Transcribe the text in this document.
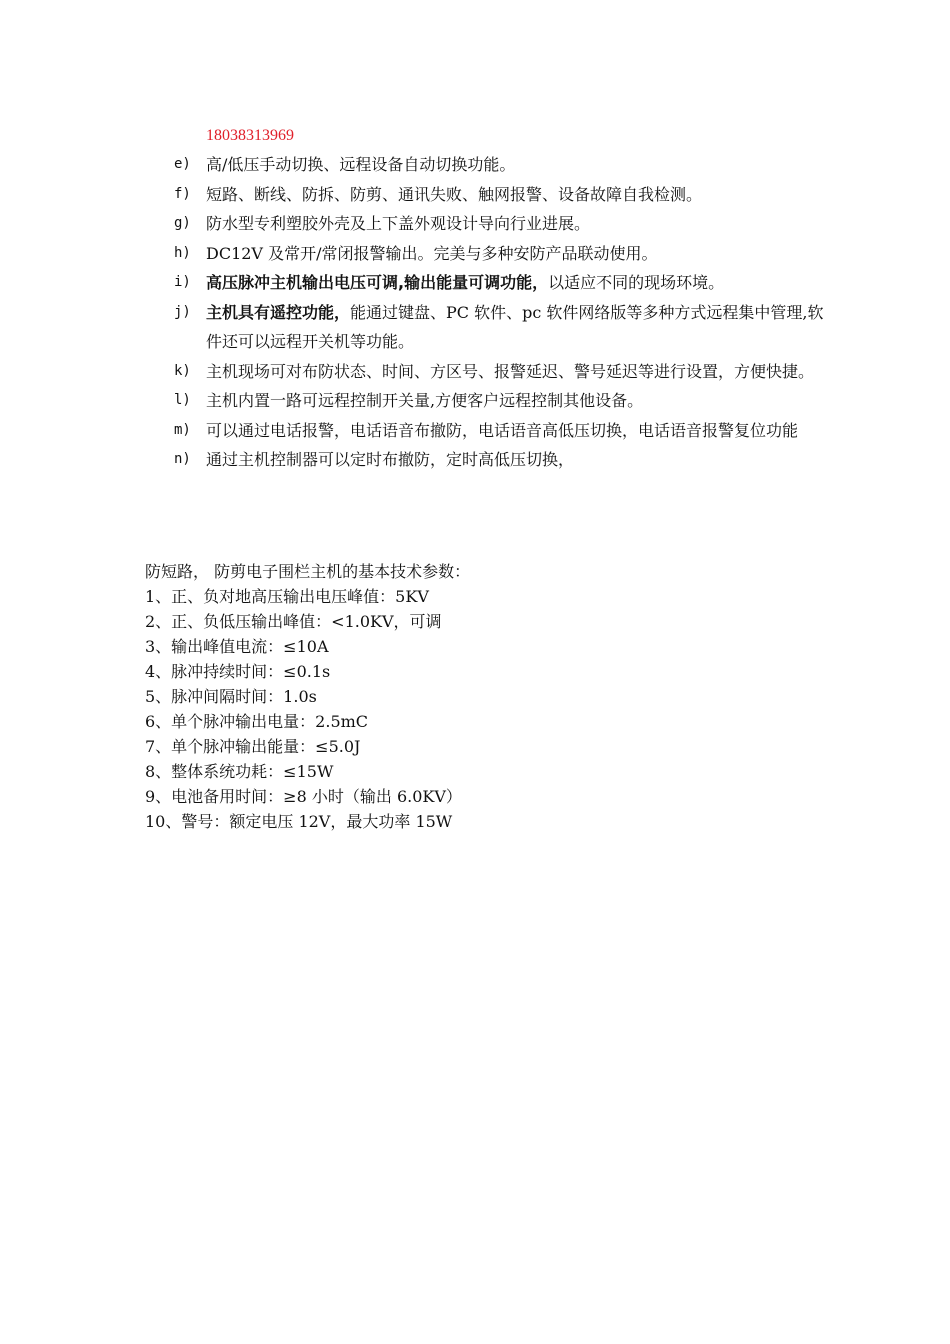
18038313969
e) 高/低压手动切换、远程设备自动切换功能。
f) 短路、断线、防拆、防剪、通讯失败、触网报警、设备故障自我检测。
g) 防水型专利塑胶外壳及上下盖外观设计导向行业进展。
h) DC12V 及常开/常闭报警输出。完美与多种安防产品联动使用。
i) 高压脉冲主机输出电压可调,输出能量可调功能，以适应不同的现场环境。
j) 主机具有遥控功能，能通过键盘、PC 软件、pc 软件网络版等多种方式远程集中管理,软件还可以远程开关机等功能。
k) 主机现场可对布防状态、时间、方区号、报警延迟、警号延迟等进行设置，方便快捷。
l) 主机内置一路可远程控制开关量,方便客户远程控制其他设备。
m) 可以通过电话报警，电话语音布撤防，电话语音高低压切换，电话语音报警复位功能
n) 通过主机控制器可以定时布撤防，定时高低压切换，
防短路， 防剪电子围栏主机的基本技术参数：
1、正、负对地高压输出电压峰值：5KV
2、正、负低压输出峰值：<1.0KV，可调
3、输出峰值电流：≤10A
4、脉冲持续时间：≤0.1s
5、脉冲间隔时间：1.0s
6、单个脉冲输出电量：2.5mC
7、单个脉冲输出能量：≤5.0J
8、整体系统功耗：≤15W
9、电池备用时间：≥8 小时（输出 6.0KV）
10、警号：额定电压 12V，最大功率 15W
